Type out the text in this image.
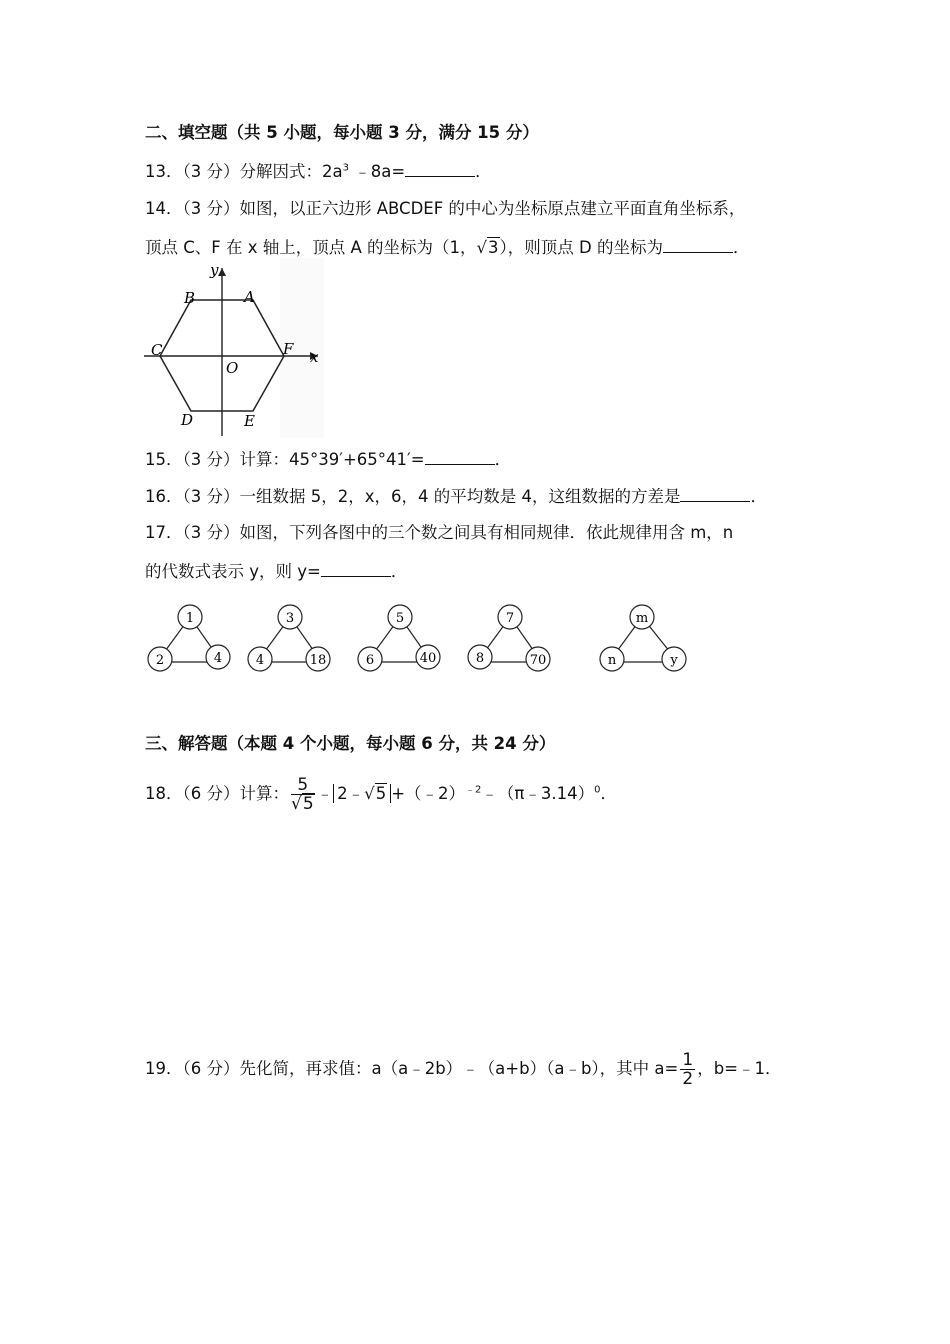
二、填空题（共 5 小题，每小题 3 分，满分 15 分）
13．（3 分）分解因式：$2a^3$ ﹣8a=	．
14．（3 分）如图，以正六边形 ABCDEF 的中心为坐标原点建立平面直角坐标系，
顶点 C、F 在 x 轴上，顶点 A 的坐标为（1，√3），则顶点 D 的坐标为	．
y
x
A
B
C
D	E
F
O
15．（3 分）计算：45°39′+65°41′=	．
16．（3 分）一组数据 5，2，x，6，4 的平均数是 4，这组数据的方差是	．
17．（3 分）如图，下列各图中的三个数之间具有相同规律．依此规律用含 m，n
的代数式表示 y，则 y=	．
1
2	4
3
4	18
5
6	40
7
8	70
m
n	y
三、解答题（本题 4 个小题，每小题 6 分，共 24 分）
18．（6 分）计算： $\frac{5}{√5}$ ﹣ 2﹣√5 +（﹣2）$^{﹣2}$﹣（π﹣3.14）$^0$．
19．（6 分）先化简，再求值：a（a﹣2b）﹣（a+b）（a﹣b），其中 $a= \frac{1}{2}$ ，b=﹣1．
